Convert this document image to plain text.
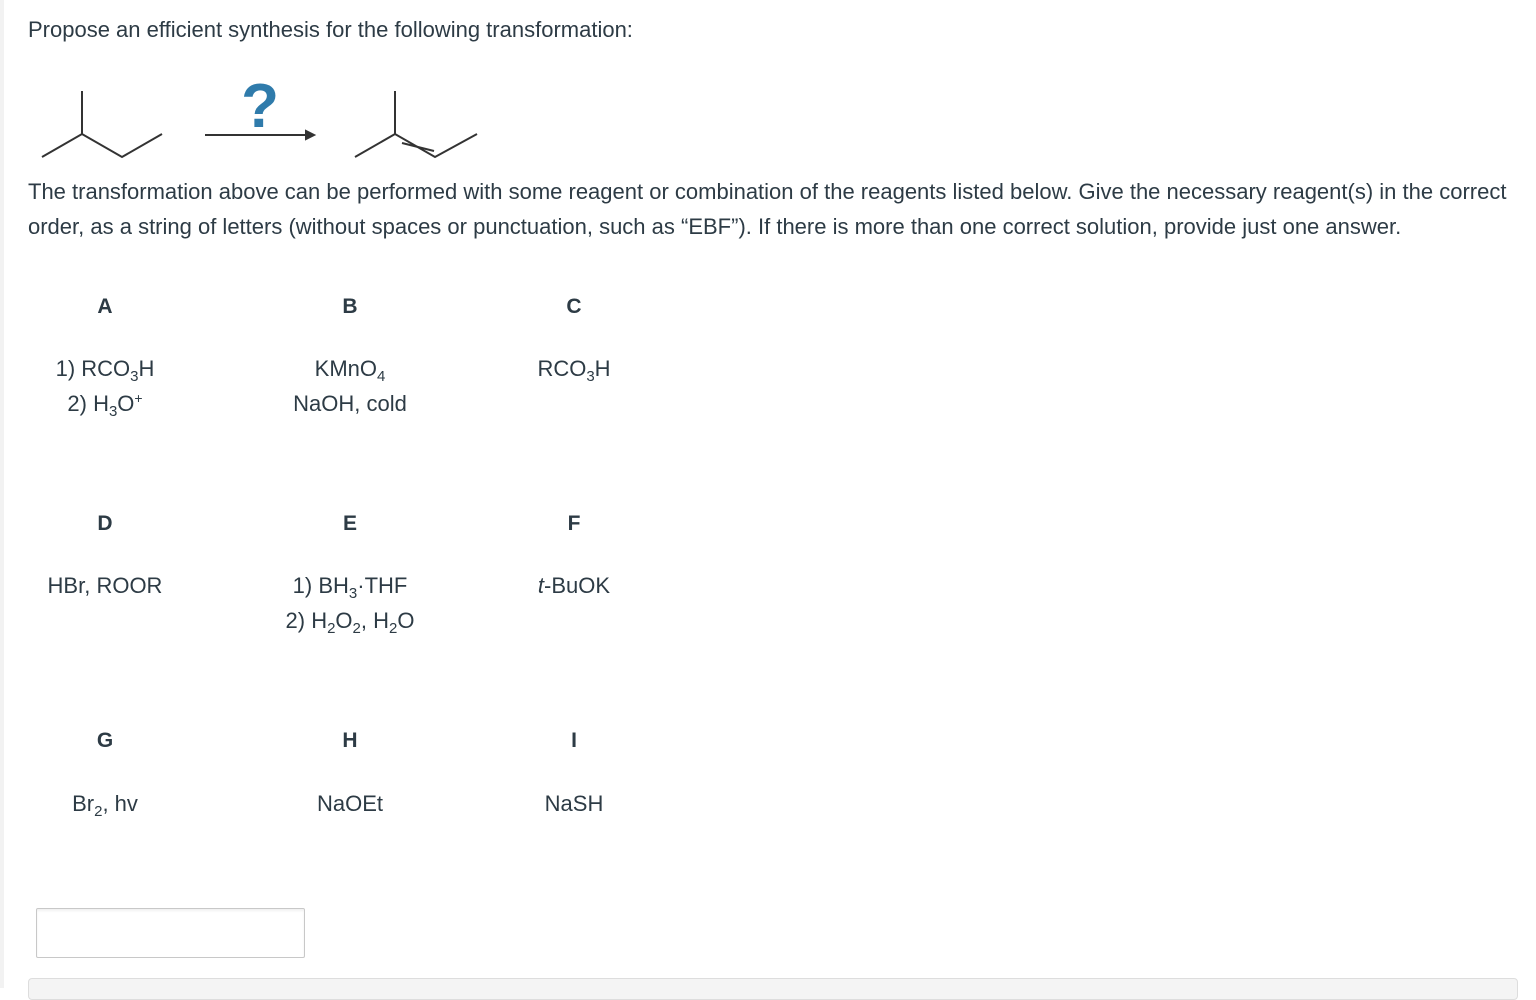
Propose an efficient synthesis for the following transformation:
?
The transformation above can be performed with some reagent or combination of the reagents listed below. Give the necessary reagent(s) in the correct order, as a string of letters (without spaces or punctuation, such as “EBF”). If there is more than one correct solution, provide just one answer.
A
1) $RCO_3H$
2) $H_3O^+$
B
KMnO$_4$
NaOH, cold
C
$RCO_3H$
D
HBr, ROOR
E
1) $BH_3\cdot THF$
2) $H_2O_2$, $H_2O$
F
t-BuOK
G
$Br_2$, hv
H
NaOEt
I
NaSH
